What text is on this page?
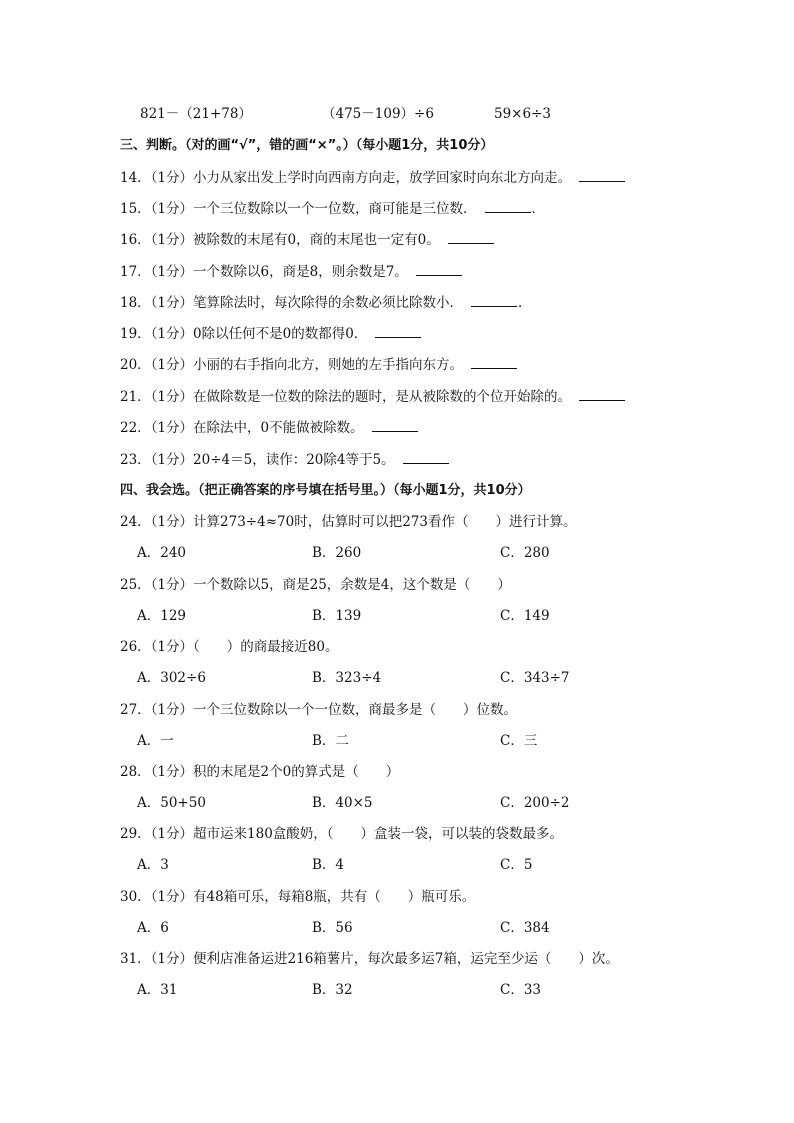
821－（21+78）	（475－109）÷6	59×6÷3
三、判断。（对的画“√”，错的画“×”。）（每小题1分，共10分）
14．（1分）小力从家出发上学时向西南方向走，放学回家时向东北方向走。
15．（1分）一个三位数除以一个一位数，商可能是三位数．	．
16．（1分）被除数的末尾有0，商的末尾也一定有0。
17．（1分）一个数除以6，商是8，则余数是7。
18．（1分）笔算除法时，每次除得的余数必须比除数小．	．
19．（1分）0除以任何不是0的数都得0．
20．（1分）小丽的右手指向北方，则她的左手指向东方。
21．（1分）在做除数是一位数的除法的题时，是从被除数的个位开始除的。
22．（1分）在除法中，0不能做被除数。
23．（1分）20÷4＝5，读作：20除4等于5。
四、我会选。（把正确答案的序号填在括号里。）（每小题1分，共10分）
24．（1分）计算273÷4≈70时，估算时可以把273看作（　　）进行计算。
A．240	B．260	C．280
25．（1分）一个数除以5，商是25，余数是4，这个数是（　　）
A．129	B．139	C．149
26．（1分）（　　）的商最接近80。
A．302÷6	B．323÷4	C．343÷7
27．（1分）一个三位数除以一个一位数，商最多是（　　）位数。
A．一	B．二	C．三
28．（1分）积的末尾是2个0的算式是（　　）
A．50+50	B．40×5	C．200÷2
29．（1分）超市运来180盒酸奶，（　　）盒装一袋，可以装的袋数最多。
A．3	B．4	C．5
30．（1分）有48箱可乐，每箱8瓶，共有（　　）瓶可乐。
A．6	B．56	C．384
31．（1分）便利店准备运进216箱薯片，每次最多运7箱，运完至少运（　　）次。
A．31	B．32	C．33
